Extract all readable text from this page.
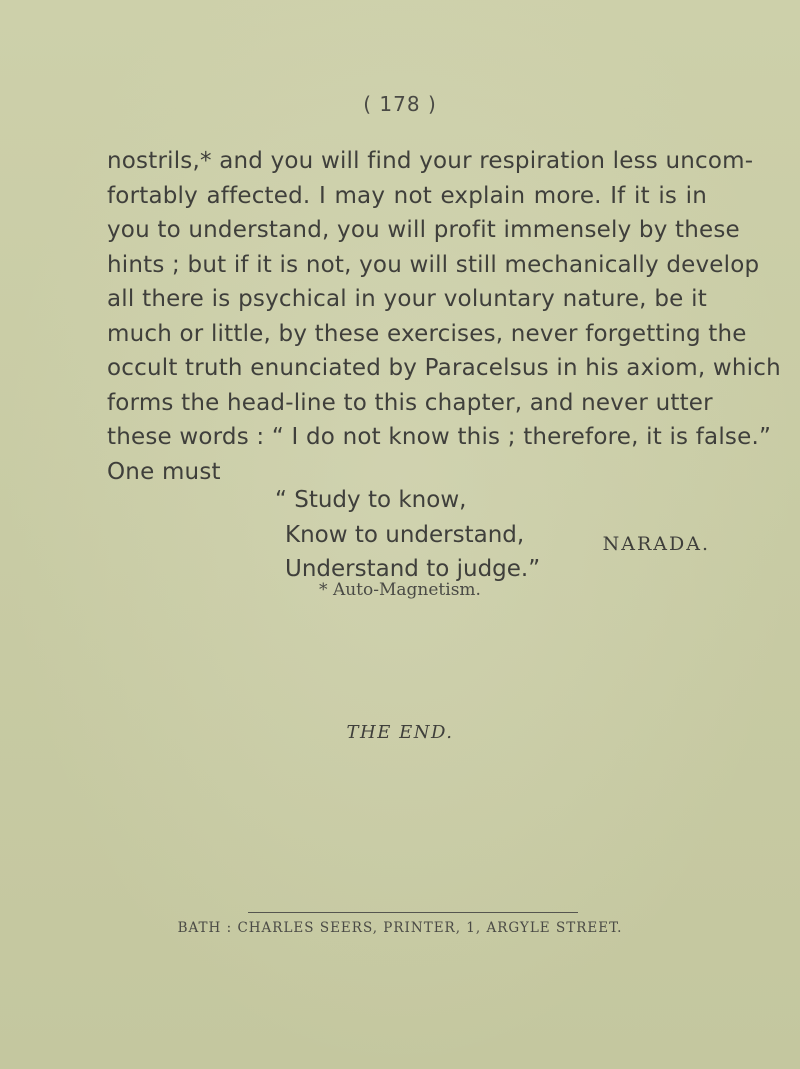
( 178 )
nostrils,* and you will find your respiration less uncom-
fortably affected. I may not explain more. If it is in
you to understand, you will profit immensely by these
hints ; but if it is not, you will still mechanically develop
all there is psychical in your voluntary nature, be it
much or little, by these exercises, never forgetting the
occult truth enunciated by Paracelsus in his axiom, which
forms the head-line to this chapter, and never utter
these words : “ I do not know this ; therefore, it is false.”
One must
“ Study to know,
Know to understand,
Understand to judge.”
NARADA.
* Auto-Magnetism.
THE END.
BATH : CHARLES SEERS, PRINTER, 1, ARGYLE STREET.
